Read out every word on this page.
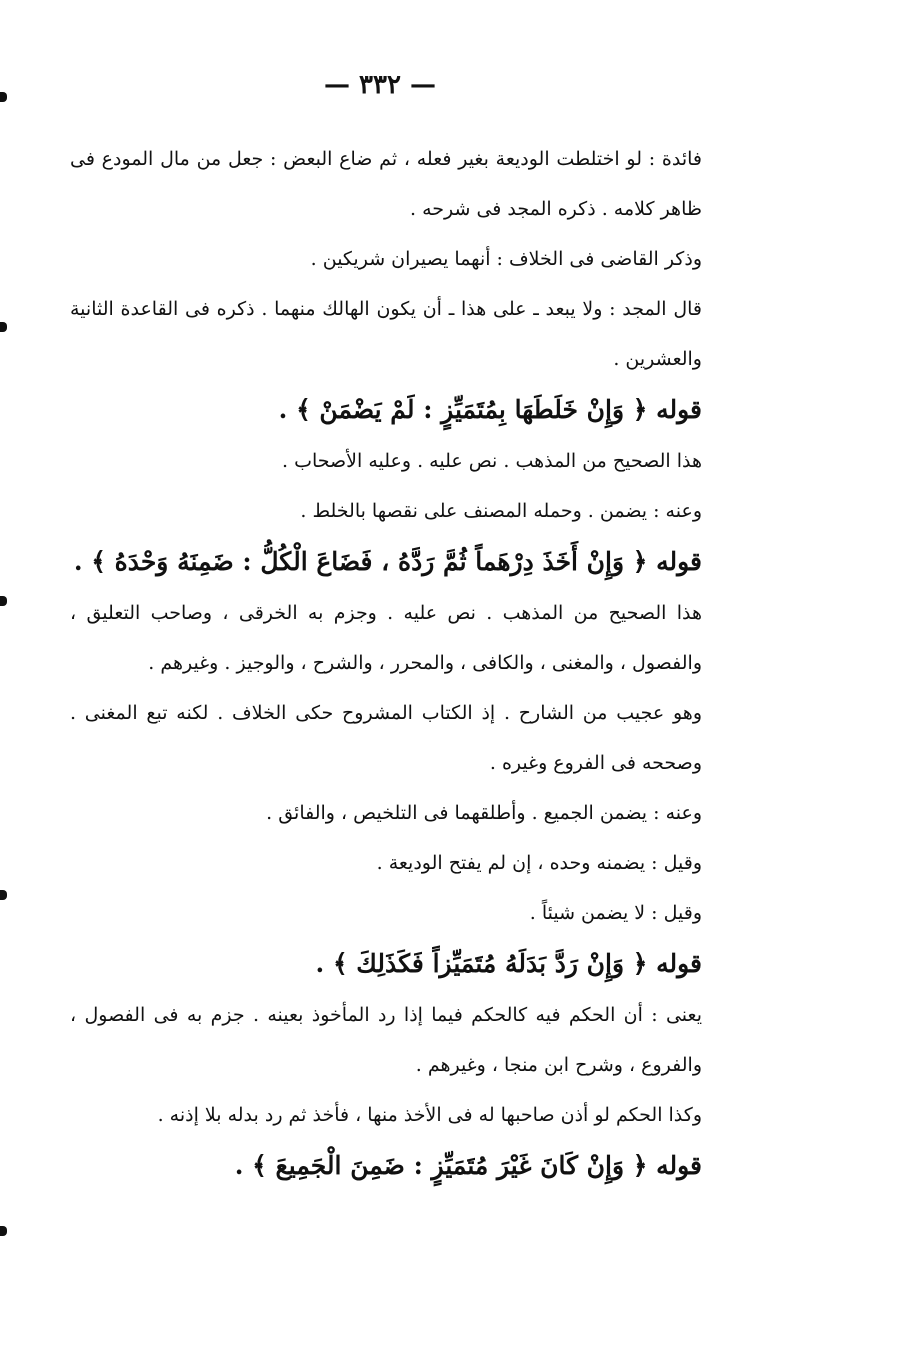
— ٣٣٢ —

فائدة : لو اختلطت الوديعة بغير فعله ، ثم ضاع البعض : جعل من مال المودع فى ظاهر كلامه . ذكره المجد فى شرحه .

وذكر القاضى فى الخلاف : أنهما يصيران شريكين .

قال المجد : ولا يبعد ـ على هذا ـ أن يكون الهالك منهما . ذكره فى القاعدة الثانية والعشرين .

قوله ﴿ وَإِنْ خَلَطَهَا بِمُتَمَيِّزٍ : لَمْ يَضْمَنْ ﴾ .

هذا الصحيح من المذهب . نص عليه . وعليه الأصحاب .

وعنه : يضمن . وحمله المصنف على نقصها بالخلط .

قوله ﴿ وَإِنْ أَخَذَ دِرْهَماً ثُمَّ رَدَّهُ ، فَضَاعَ الْكُلُّ : ضَمِنَهُ وَحْدَهُ ﴾ .

هذا الصحيح من المذهب . نص عليه . وجزم به الخرقى ، وصاحب التعليق ، والفصول ، والمغنى ، والكافى ، والمحرر ، والشرح ، والوجيز . وغيرهم .

وهو عجيب من الشارح . إذ الكتاب المشروح حكى الخلاف . لكنه تبع المغنى . وصححه فى الفروع وغيره .

وعنه : يضمن الجميع . وأطلقهما فى التلخيص ، والفائق .

وقيل : يضمنه وحده ، إن لم يفتح الوديعة .

وقيل : لا يضمن شيئاً .

قوله ﴿ وَإِنْ رَدَّ بَدَلَهُ مُتَمَيِّزاً فَكَذَلِكَ ﴾ .

يعنى : أن الحكم فيه كالحكم فيما إذا رد المأخوذ بعينه . جزم به فى الفصول ، والفروع ، وشرح ابن منجا ، وغيرهم .

وكذا الحكم لو أذن صاحبها له فى الأخذ منها ، فأخذ ثم رد بدله بلا إذنه .

قوله ﴿ وَإِنْ كَانَ غَيْرَ مُتَمَيِّزٍ : ضَمِنَ الْجَمِيعَ ﴾ .
